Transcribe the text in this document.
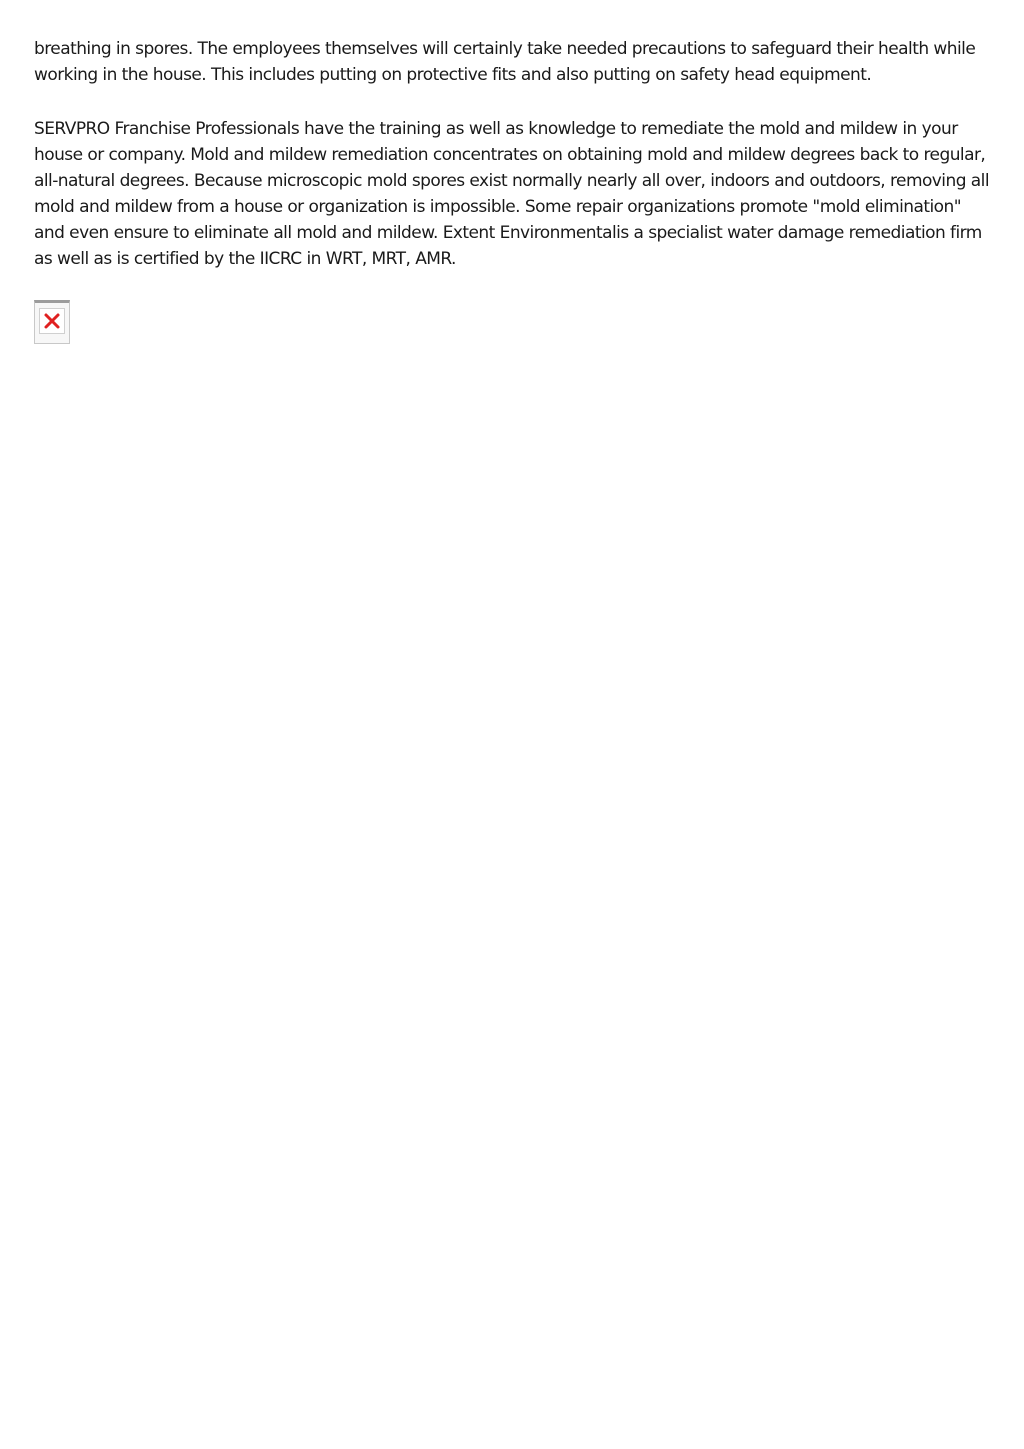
breathing in spores. The employees themselves will certainly take needed precautions to safeguard their health while working in the house. This includes putting on protective fits and also putting on safety head equipment.

SERVPRO Franchise Professionals have the training as well as knowledge to remediate the mold and mildew in your house or company. Mold and mildew remediation concentrates on obtaining mold and mildew degrees back to regular, all-natural degrees. Because microscopic mold spores exist normally nearly all over, indoors and outdoors, removing all mold and mildew from a house or organization is impossible. Some repair organizations promote "mold elimination" and even ensure to eliminate all mold and mildew. Extent Environmentalis a specialist water damage remediation firm as well as is certified by the IICRC in WRT, MRT, AMR.
